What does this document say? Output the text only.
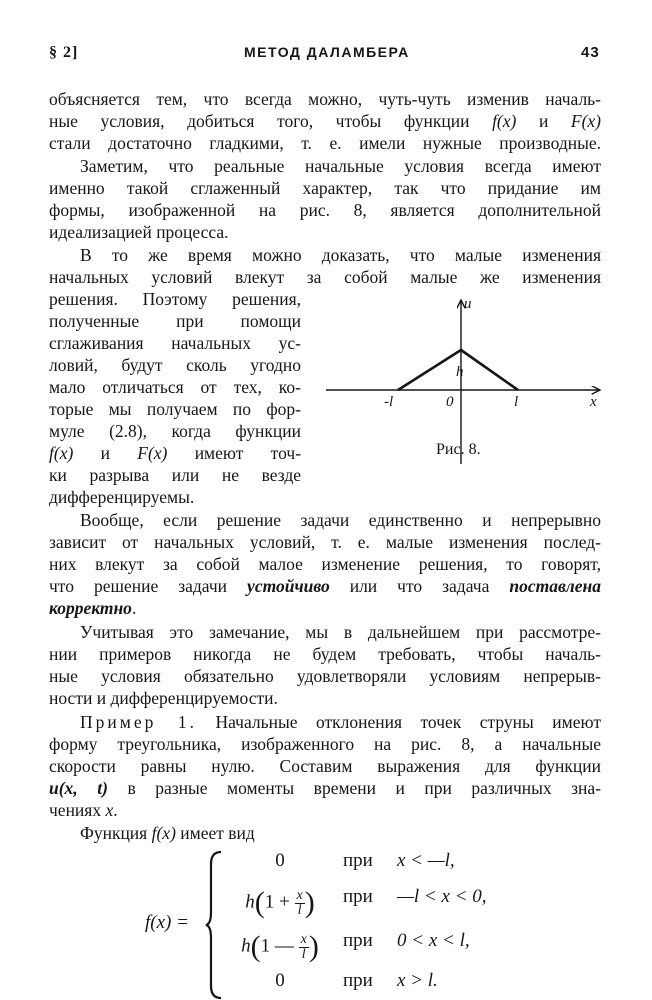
§ 2]	МЕТОД ДАЛАМБЕРА	43
объясняется тем, что всегда можно, чуть-чуть изменив началь-
ные условия, добиться того, чтобы функции f(x) и F(x)
стали достаточно гладкими, т. е. имели нужные производные.
Заметим, что реальные начальные условия всегда имеют
именно такой сглаженный характер, так что придание им
формы, изображенной на рис. 8, является дополнительной
идеализацией процесса.
В то же время можно доказать, что малые изменения
начальных условий влекут за собой малые же изменения
решения. Поэтому решения,
полученные при помощи
сглаживания начальных ус-
ловий, будут сколь угодно
мало отличаться от тех, ко-
торые мы получаем по фор-
муле (2.8), когда функции
f(x) и F(x) имеют точ-
ки разрыва или не везде
дифференцируемы.
x
u
-l	0	l
h
Рис. 8.
Вообще, если решение задачи единственно и непрерывно
зависит от начальных условий, т. е. малые изменения послед-
них влекут за собой малое изменение решения, то говорят,
что решение задачи устойчиво или что задача поставлена
корректно.
Учитывая это замечание, мы в дальнейшем при рассмотре-
нии примеров никогда не будем требовать, чтобы началь-
ные условия обязательно удовлетворяли условиям непрерыв-
ности и дифференцируемости.
Пример 1. Начальные отклонения точек струны имеют
форму треугольника, изображенного на рис. 8, а начальные
скорости равны нулю. Составим выражения для функции
u(x, t) в разные моменты времени и при различных зна-
чениях x.
Функция f(x) имеет вид
f(x) =
0	при x < —l,
$h(1 + \frac{x}{l}$ )	при —l < x < 0,
h(1 — $\frac{x}{l}$ )	при 0 < x < l,
0	при x > l.
